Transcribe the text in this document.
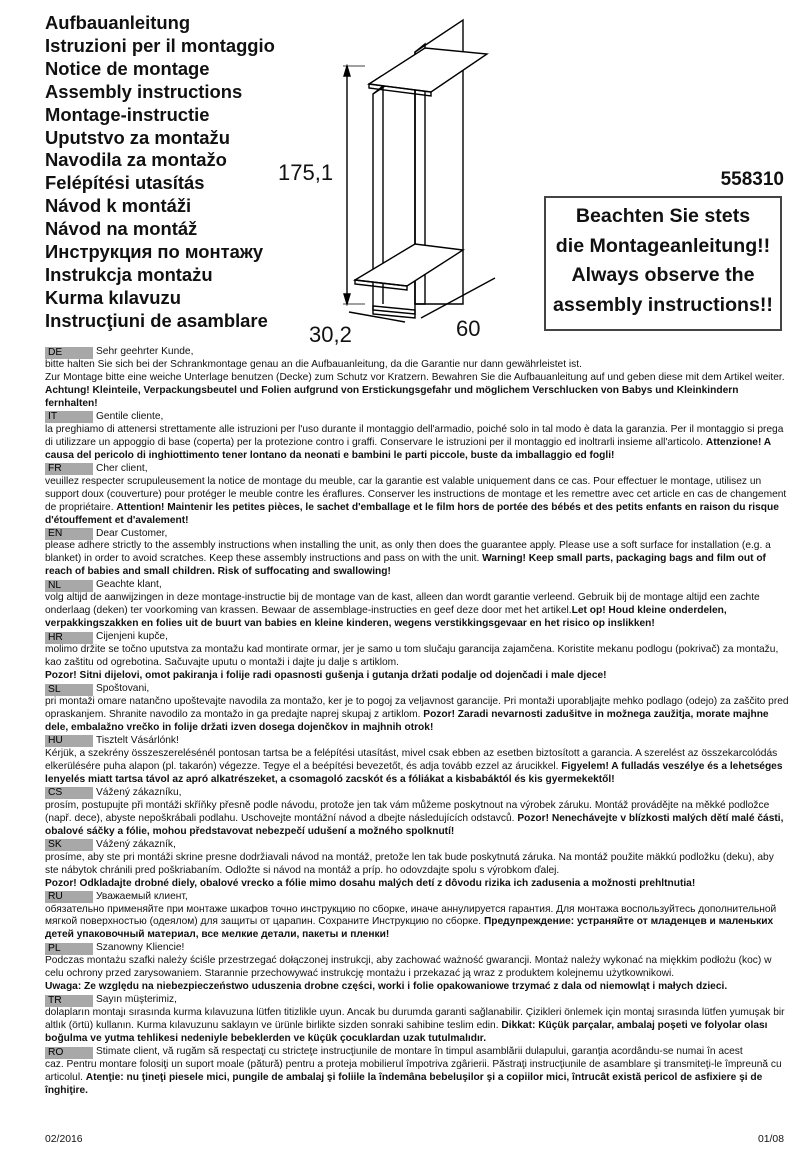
Aufbauanleitung
Istruzioni per il montaggio
Notice de montage
Assembly instructions
Montage-instructie
Uputstvo za montažu
Navodila za montažo
Felépítési utasítás
Návod k montáži
Návod na montáž
Инструкция по монтажу
Instrukcja montażu
Kurma kılavuzu
Instrucţiuni de asamblare
175,1
30,2	60
558310
Beachten Sie stets
die Montageanleitung!!
Always observe the
assembly instructions!!
DE	Sehr geehrter Kunde,
bitte halten Sie sich bei der Schrankmontage genau an die Aufbauanleitung, da die Garantie nur dann gewährleistet ist.
Zur Montage bitte eine weiche Unterlage benutzen (Decke) zum Schutz vor Kratzern. Bewahren Sie die Aufbauanleitung auf und geben diese mit dem Artikel weiter. Achtung! Kleinteile, Verpackungsbeutel und Folien aufgrund von Erstickungsgefahr und möglichem Verschlucken von Babys und Kleinkindern fernhalten!
IT	Gentile cliente,
la preghiamo di attenersi strettamente alle istruzioni per l'uso durante il montaggio dell'armadio, poiché solo in tal modo è data la garanzia. Per il montaggio si prega di utilizzare un appoggio di base (coperta) per la protezione contro i graffi. Conservare le istruzioni per il montaggio ed inoltrarli insieme all'articolo. Attenzione! A causa del pericolo di inghiottimento tener lontano da neonati e bambini le parti piccole, buste da imballaggio ed fogli!
FR	Cher client,
veuillez respecter scrupuleusement la notice de montage du meuble, car la garantie est valable uniquement dans ce cas. Pour effectuer le montage, utilisez un support doux (couverture) pour protéger le meuble contre les éraflures. Conserver les instructions de montage et les remettre avec cet article en cas de changement de propriétaire. Attention! Maintenir les petites pièces, le sachet d'emballage et le film hors de portée des bébés et des petits enfants en raison du risque d'étouffement et d'avalement!
EN	Dear Customer,
please adhere strictly to the assembly instructions when installing the unit, as only then does the guarantee apply. Please use a soft surface for installation (e.g. a blanket) in order to avoid scratches. Keep these assembly instructions and pass on with the unit. Warning! Keep small parts, packaging bags and film out of reach of babies and small children. Risk of suffocating and swallowing!
NL	Geachte klant,
volg altijd de aanwijzingen in deze montage-instructie bij de montage van de kast, alleen dan wordt garantie verleend. Gebruik bij de montage altijd een zachte onderlaag (deken) ter voorkoming van krassen. Bewaar de assemblage-instructies en geef deze door met het artikel.Let op! Houd kleine onderdelen, verpakkingszakken en folies uit de buurt van babies en kleine kinderen, wegens verstikkingsgevaar en het risico op inslikken!
HR	Cijenjeni kupče,
molimo držite se točno uputstva za montažu kad montirate ormar, jer je samo u tom slučaju garancija zajamčena. Koristite mekanu podlogu (pokrivač) za montažu, kao zaštitu od ogrebotina. Sačuvajte uputu o montaži i dajte ju dalje s artiklom.
Pozor! Sitni dijelovi, omot pakiranja i folije radi opasnosti gušenja i gutanja držati podalje od dojenčadi i male djece!
SL	Spoštovani,
pri montaži omare natančno upoštevajte navodila za montažo, ker je to pogoj za veljavnost garancije. Pri montaži uporabljajte mehko podlago (odejo) za zaščito pred opraskanjem. Shranite navodilo za montažo in ga predajte naprej skupaj z artiklom. Pozor! Zaradi nevarnosti zadušitve in možnega zaužitja, morate majhne dele, embalažno vrečko in folije držati izven dosega dojenčkov in majhnih otrok!
HU	Tisztelt Vásárlónk!
Kérjük, a szekrény összeszerelésénél pontosan tartsa be a felépítési utasítást, mivel csak ebben az esetben biztosított a garancia. A szerelést az összekarcolódás elkerülésére puha alapon (pl. takarón) végezze. Tegye el a beépítési bevezetőt, és adja tovább ezzel az árucikkel. Figyelem! A fulladás veszélye és a lehetséges lenyelés miatt tartsa távol az apró alkatrészeket, a csomagoló zacskót és a fóliákat a kisbabáktól és kis gyermekektől!
CS	Vážený zákazníku,
prosím, postupujte při montáži skříňky přesně podle návodu, protože jen tak vám můžeme poskytnout na výrobek záruku. Montáž provádějte na měkké podložce (např. dece), abyste nepoškrábali podlahu. Uschovejte montážní návod a dbejte následujících odstavců. Pozor! Nenechávejte v blízkosti malých dětí malé části, obalové sáčky a fólie, mohou představovat nebezpečí udušení a možného spolknutí!
SK	Vážený zákazník,
prosíme, aby ste pri montáži skrine presne dodržiavali návod na montáž, pretože len tak bude poskytnutá záruka. Na montáž použite mäkkú podložku (deku), aby ste nábytok chránili pred poškriabaním. Odložte si návod na montáž a príp. ho odovzdajte spolu s výrobkom ďalej.
Pozor! Odkladajte drobné diely, obalové vrecko a fólie mimo dosahu malých detí z dôvodu rizika ich zadusenia a možnosti prehltnutia!
RU	Уважаемый клиент,
обязательно применяйте при монтаже шкафов точно инструкцию по сборке, иначе аннулируется гарантия. Для монтажа воспользуйтесь дополнительной мягкой поверхностью (одеялом) для защиты от царапин. Сохраните Инструкцию по сборке. Предупреждение: устраняйте от младенцев и маленьких детей упаковочный материал, все мелкие детали, пакеты и пленки!
PL	Szanowny Kliencie!
Podczas montażu szafki należy ściśle przestrzegać dołączonej instrukcji, aby zachować ważność gwarancji. Montaż należy wykonać na miękkim podłożu (koc) w celu ochrony przed zarysowaniem. Starannie przechowywać instrukcję montażu i przekazać ją wraz z produktem kolejnemu użytkownikowi.
Uwaga: Ze względu na niebezpieczeństwo uduszenia drobne części, worki i folie opakowaniowe trzymać z dala od niemowląt i małych dzieci.
TR	Sayın müşterimiz,
dolapların montajı sırasında kurma kılavuzuna lütfen titizlikle uyun. Ancak bu durumda garanti sağlanabilir. Çizikleri önlemek için montaj sırasında lütfen yumuşak bir altlık (örtü) kullanın. Kurma kılavuzunu saklayın ve ürünle birlikte sizden sonraki sahibine teslim edin. Dikkat: Küçük parçalar, ambalaj poşeti ve folyolar olası boğulma ve yutma tehlikesi nedeniyle bebeklerden ve küçük çocuklardan uzak tutulmalıdır.
RO	Stimate client, vă rugăm să respectaţi cu stricteţe instrucţiunile de montare în timpul asamblării dulapului, garanţia acordându-se numai în acest
caz. Pentru montare folosiţi un suport moale (pătură) pentru a proteja mobilierul împotriva zgârierii. Păstraţi instrucţiunile de asamblare şi transmiteţi-le împreună cu articolul. Atenţie: nu ţineţi piesele mici, pungile de ambalaj şi foliile la îndemâna bebeluşilor şi a copiilor mici, întrucât există pericol de asfixiere şi de înghiţire.
02/2016	01/08
